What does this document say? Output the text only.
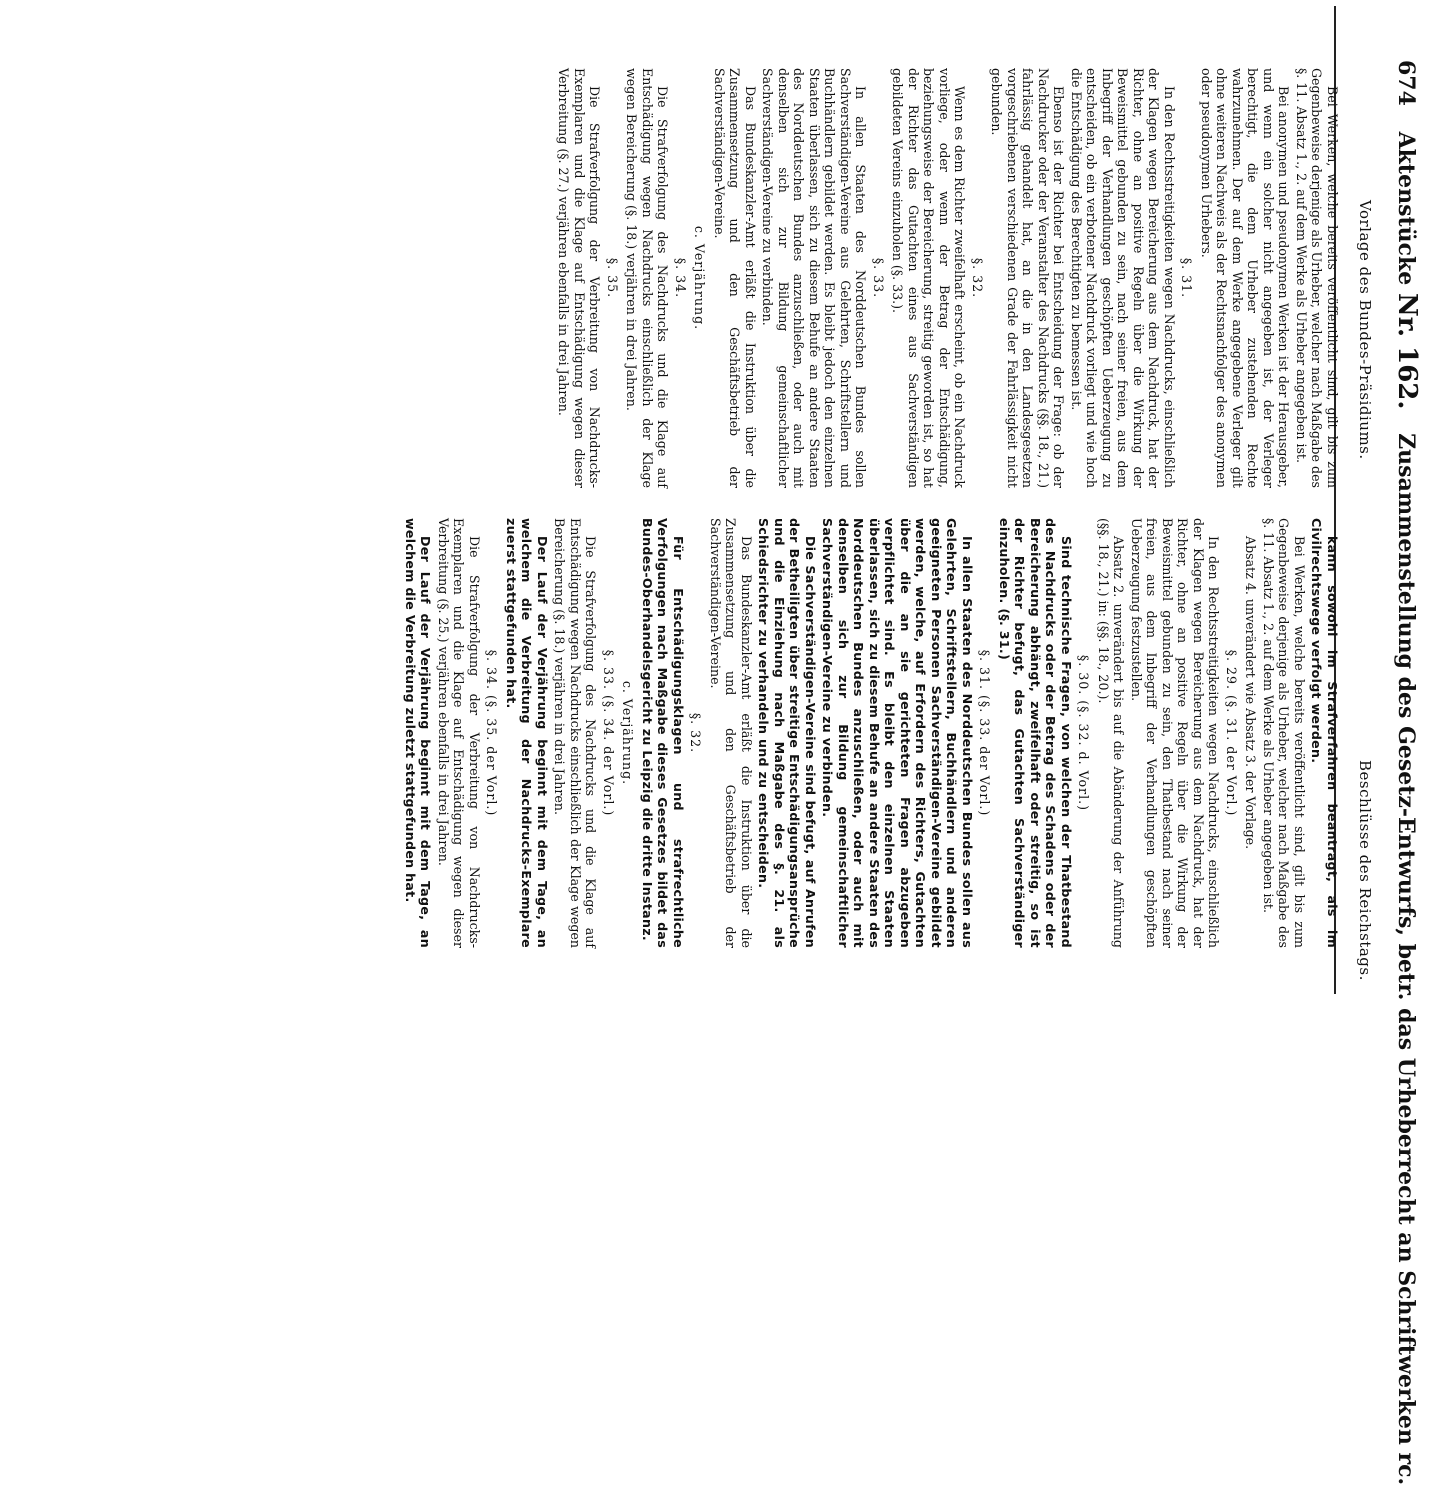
674 Aktenstücke Nr. 162. Zusammenstellung des Gesetz-Entwurfs, betr. das Urheberrecht an Schriftwerken rc.
Vorlage des Bundes-Präsidiums.
Beschlüsse des Reichstags.
Bei Werken, welche bereits veröffentlicht sind, gilt bis zum Gegenbeweise derjenige als Urheber, welcher nach Maßgabe des §. 11. Absatz 1., 2. auf dem Werke als Urheber angegeben ist.
Bei anonymen und pseudonymen Werken ist der Herausgeber, und wenn ein solcher nicht angegeben ist, der Verleger berechtigt, die dem Urheber zustehenden Rechte wahrzunehmen. Der auf dem Werke angegebene Verleger gilt ohne weiteren Nachweis als der Rechtsnachfolger des anonymen oder pseudonymen Urhebers.
§. 31.
In den Rechtsstreitigkeiten wegen Nachdrucks, einschließlich der Klagen wegen Bereicherung aus dem Nachdruck, hat der Richter, ohne an positive Regeln über die Wirkung der Beweismittel gebunden zu sein, nach seiner freien, aus dem Inbegriff der Verhandlungen geschöpften Ueberzeugung zu entscheiden, ob ein verbotener Nachdruck vorliegt und wie hoch die Entschädigung des Berechtigten zu bemessen ist.
Ebenso ist der Richter bei Entscheidung der Frage: ob der Nachdrucker oder der Veranstalter des Nachdrucks (§§. 18., 21.) fahrlässig gehandelt hat, an die in den Landesgesetzen vorgeschriebenen verschiedenen Grade der Fahrlässigkeit nicht gebunden.
§. 32.
Wenn es dem Richter zweifelhaft erscheint, ob ein Nachdruck vorliege, oder wenn der Betrag der Entschädigung, beziehungsweise der Bereicherung, streitig geworden ist, so hat der Richter das Gutachten eines aus Sachverständigen gebildeten Vereins einzuholen (§. 33.).
§. 33.
In allen Staaten des Norddeutschen Bundes sollen Sachverständigen-Vereine aus Gelehrten, Schriftstellern und Buchhändlern gebildet werden. Es bleibt jedoch den einzelnen Staaten überlassen, sich zu diesem Behufe an andere Staaten des Norddeutschen Bundes anzuschließen, oder auch mit denselben sich zur Bildung gemeinschaftlicher Sachverständigen-Vereine zu verbinden.
Das Bundeskanzler-Amt erläßt die Instruktion über die Zusammensetzung und den Geschäftsbetrieb der Sachverständigen-Vereine.
c. Verjährung.
§. 34.
Die Strafverfolgung des Nachdrucks und die Klage auf Entschädigung wegen Nachdrucks einschließlich der Klage wegen Bereicherung (§. 18.) verjähren in drei Jahren.
§. 35.
Die Strafverfolgung der Verbreitung von Nachdrucks-Exemplaren und die Klage auf Entschädigung wegen dieser Verbreitung (§. 27.) verjähren ebenfalls in drei Jahren.
kann sowohl im Strafverfahren beantragt, als im Civilrechtswege verfolgt werden.
Bei Werken, welche bereits veröffentlicht sind, gilt bis zum Gegenbeweise derjenige als Urheber, welcher nach Maßgabe des §. 11. Absatz 1., 2. auf dem Werke als Urheber angegeben ist.
Absatz 4. unverändert wie Absatz 3. der Vorlage.
§. 29. (§. 31. der Vorl.)
In den Rechtsstreitigkeiten wegen Nachdrucks, einschließlich der Klagen wegen Bereicherung aus dem Nachdruck, hat der Richter, ohne an positive Regeln über die Wirkung der Beweismittel gebunden zu sein, den Thatbestand nach seiner freien, aus dem Inbegriff der Verhandlungen geschöpften Ueberzeugung festzustellen.
Absatz 2. unverändert bis auf die Abänderung der Anführung (§§. 18., 21.) in: (§§. 18., 20.).
§. 30. (§. 32. d. Vorl.)
Sind technische Fragen, von welchen der Thatbestand des Nachdrucks oder der Betrag des Schadens oder der Bereicherung abhängt, zweifelhaft oder streitig, so ist der Richter befugt, das Gutachten Sachverständiger einzuholen. (§. 31.)
§. 31. (§. 33. der Vorl.)
In allen Staaten des Norddeutschen Bundes sollen aus Gelehrten, Schriftstellern, Buchhändlern und anderen geeigneten Personen Sachverständigen-Vereine gebildet werden, welche, auf Erfordern des Richters, Gutachten über die an sie gerichteten Fragen abzugeben verpflichtet sind. Es bleibt den einzelnen Staaten überlassen, sich zu diesem Behufe an andere Staaten des Norddeutschen Bundes anzuschließen, oder auch mit denselben sich zur Bildung gemeinschaftlicher Sachverständigen-Vereine zu verbinden.
Die Sachverständigen-Vereine sind befugt, auf Anrufen der Betheiligten über streitige Entschädigungsansprüche und die Einziehung nach Maßgabe des §. 21. als Schiedsrichter zu verhandeln und zu entscheiden.
Das Bundeskanzler-Amt erläßt die Instruktion über die Zusammensetzung und den Geschäftsbetrieb der Sachverständigen-Vereine.
§. 32.
Für Entschädigungsklagen und strafrechtliche Verfolgungen nach Maßgabe dieses Gesetzes bildet das Bundes-Oberhandelsgericht zu Leipzig die dritte Instanz.
c. Verjährung.
§. 33. (§. 34. der Vorl.)
Die Strafverfolgung des Nachdrucks und die Klage auf Entschädigung wegen Nachdrucks einschließlich der Klage wegen Bereicherung (§. 18.) verjähren in drei Jahren.
Der Lauf der Verjährung beginnt mit dem Tage, an welchem die Verbreitung der Nachdrucks-Exemplare zuerst stattgefunden hat.
§. 34. (§. 35. der Vorl.)
Die Strafverfolgung der Verbreitung von Nachdrucks-Exemplaren und die Klage auf Entschädigung wegen dieser Verbreitung (§. 25.) verjähren ebenfalls in drei Jahren.
Der Lauf der Verjährung beginnt mit dem Tage, an welchem die Verbreitung zuletzt stattgefunden hat.
